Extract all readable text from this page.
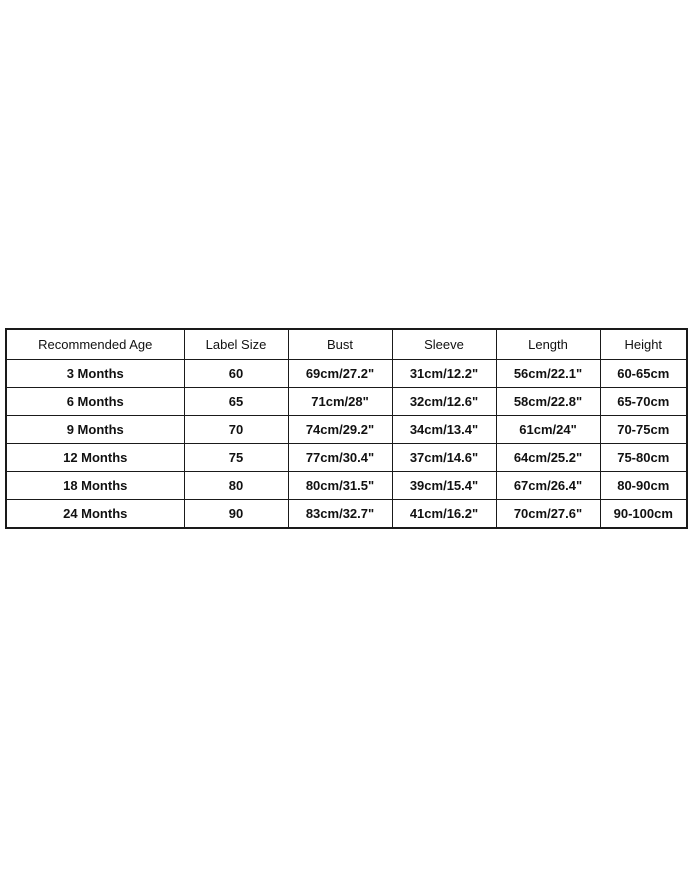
Recommended Age	Label Size	Bust	Sleeve	Length	Height
3 Months	60	69cm/27.2"	31cm/12.2"	56cm/22.1"	60-65cm
6 Months	65	71cm/28"	32cm/12.6"	58cm/22.8"	65-70cm
9 Months	70	74cm/29.2"	34cm/13.4"	61cm/24"	70-75cm
12 Months	75	77cm/30.4"	37cm/14.6"	64cm/25.2"	75-80cm
18 Months	80	80cm/31.5"	39cm/15.4"	67cm/26.4"	80-90cm
24 Months	90	83cm/32.7"	41cm/16.2"	70cm/27.6"	90-100cm
